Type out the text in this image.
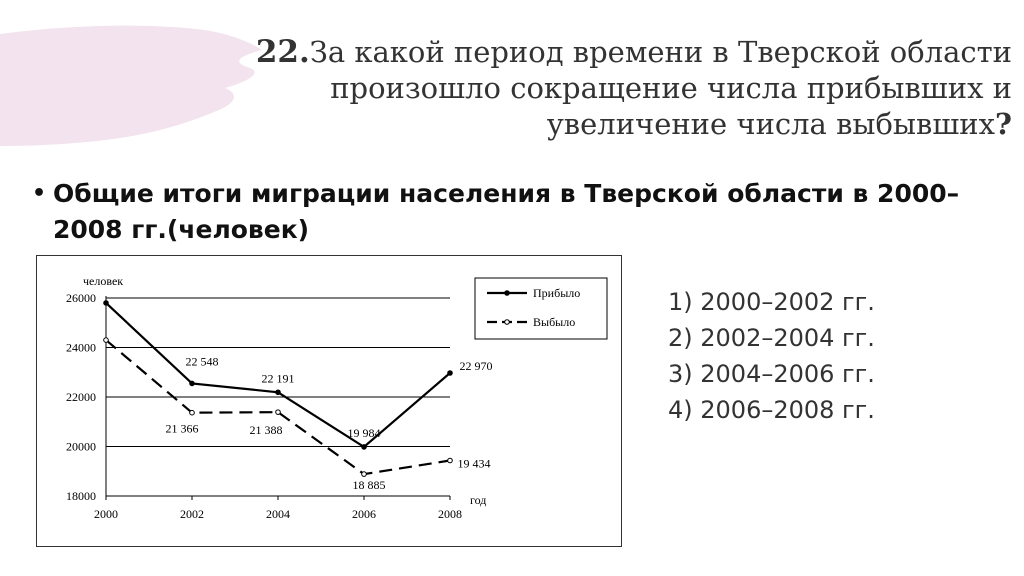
22.За какой период времени в Тверской области
произошло сокращение числа прибывших и
увеличение числа выбывших?
• Общие итоги миграции населения в Тверской области в 2000–2008 гг.(человек)
18000
20000
22000
24000
26000
2000	2002	2004	2006	2008
человек
год
22 548
22 191
19 984
22 970
21 366	21 388
18 885
19 434
Прибыло
Выбыло
1) 2000–2002 гг.
2) 2002–2004 гг.
3) 2004–2006 гг.
4) 2006–2008 гг.
